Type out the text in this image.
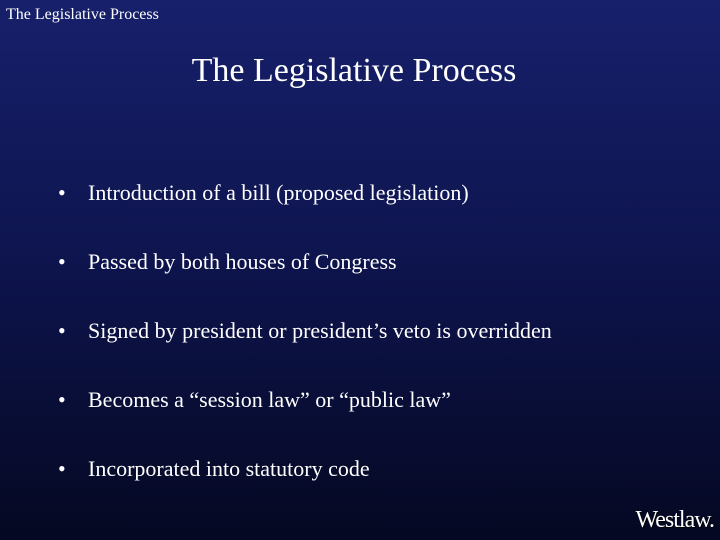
The Legislative Process
The Legislative Process
• Introduction of a bill (proposed legislation)
• Passed by both houses of Congress
• Signed by president or president’s veto is overridden
• Becomes a “session law” or “public law”
• Incorporated into statutory code
Westlaw.
